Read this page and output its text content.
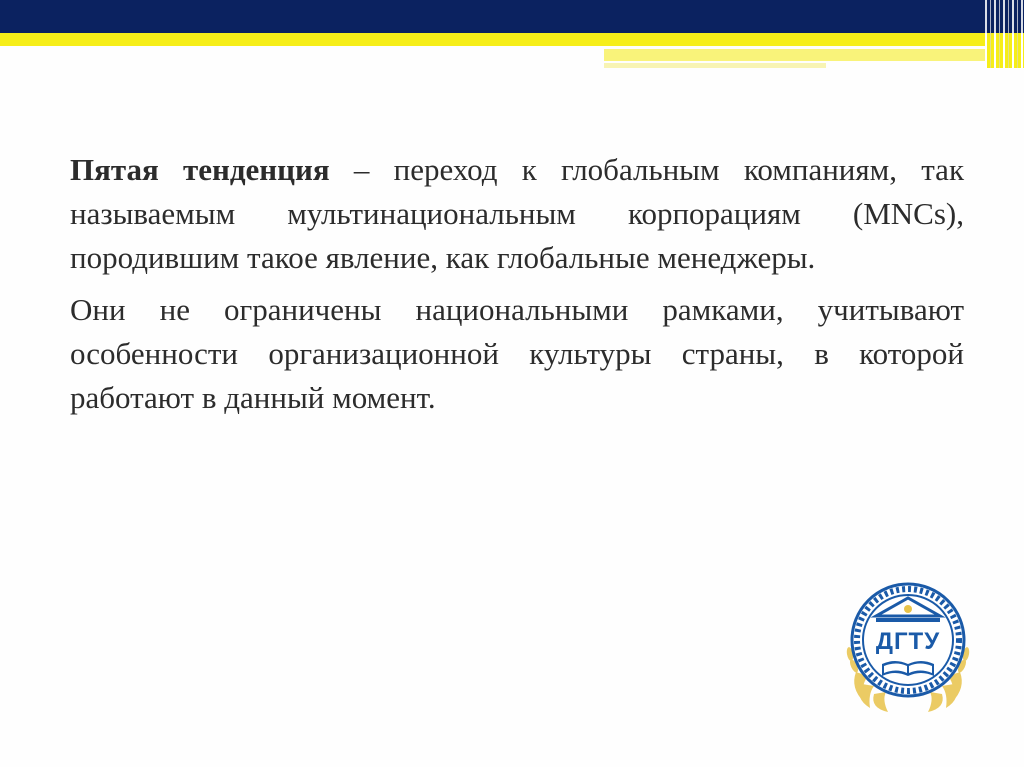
Пятая тенденция – переход к глобальным компаниям, так называемым мультинациональным корпорациям (MNCs), породившим такое явление, как глобальные менеджеры.

Они не ограничены национальными рамками, учитывают особенности организационной культуры страны, в которой работают в данный момент.

ДГТУ
